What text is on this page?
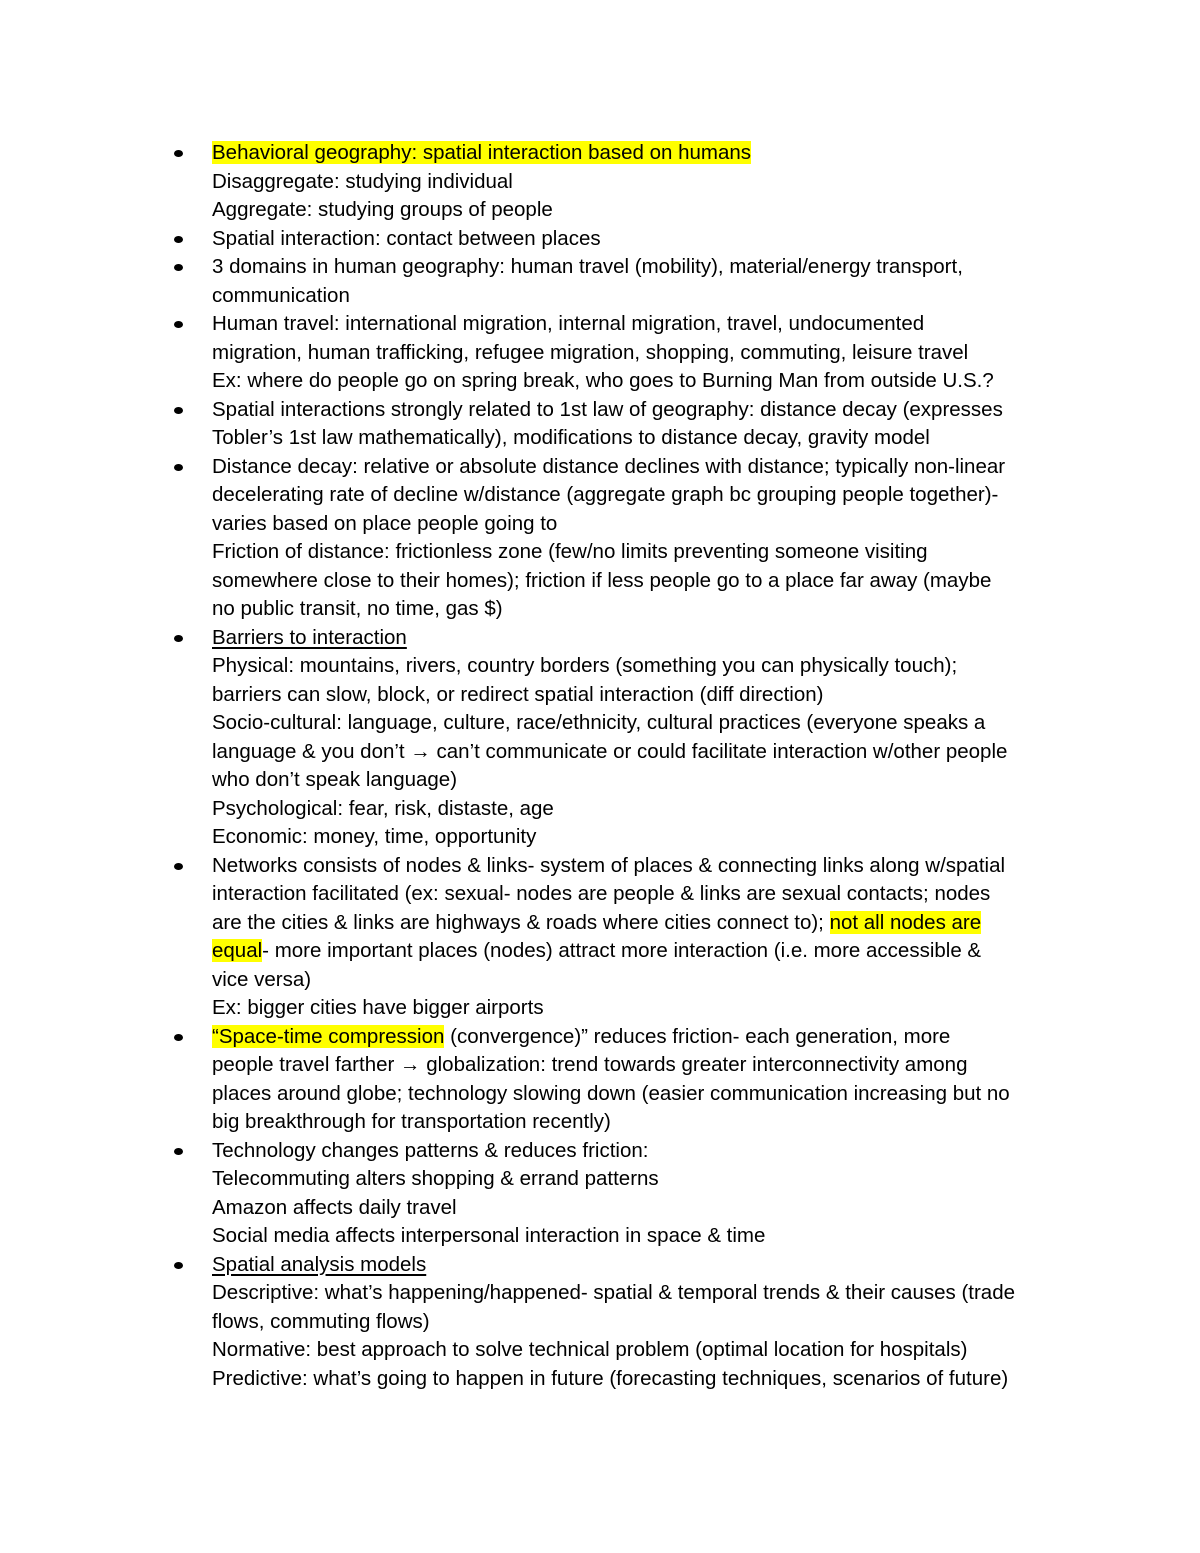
Behavioral geography: spatial interaction based on humans
Disaggregate: studying individual
Aggregate: studying groups of people
Spatial interaction: contact between places
3 domains in human geography: human travel (mobility), material/energy transport,
communication
Human travel: international migration, internal migration, travel, undocumented
migration, human trafficking, refugee migration, shopping, commuting, leisure travel
Ex: where do people go on spring break, who goes to Burning Man from outside U.S.?
Spatial interactions strongly related to 1st law of geography: distance decay (expresses
Tobler’s 1st law mathematically), modifications to distance decay, gravity model
Distance decay: relative or absolute distance declines with distance; typically non-linear
decelerating rate of decline w/distance (aggregate graph bc grouping people together)-
varies based on place people going to
Friction of distance: frictionless zone (few/no limits preventing someone visiting
somewhere close to their homes); friction if less people go to a place far away (maybe
no public transit, no time, gas $)
Barriers to interaction
Physical: mountains, rivers, country borders (something you can physically touch);
barriers can slow, block, or redirect spatial interaction (diff direction)
Socio-cultural: language, culture, race/ethnicity, cultural practices (everyone speaks a
language & you don’t → can’t communicate or could facilitate interaction w/other people
who don’t speak language)
Psychological: fear, risk, distaste, age
Economic: money, time, opportunity
Networks consists of nodes & links- system of places & connecting links along w/spatial
interaction facilitated (ex: sexual- nodes are people & links are sexual contacts; nodes
are the cities & links are highways & roads where cities connect to); not all nodes are
equal- more important places (nodes) attract more interaction (i.e. more accessible &
vice versa)
Ex: bigger cities have bigger airports
“Space-time compression (convergence)” reduces friction- each generation, more
people travel farther → globalization: trend towards greater interconnectivity among
places around globe; technology slowing down (easier communication increasing but no
big breakthrough for transportation recently)
Technology changes patterns & reduces friction:
Telecommuting alters shopping & errand patterns
Amazon affects daily travel
Social media affects interpersonal interaction in space & time
Spatial analysis models
Descriptive: what’s happening/happened- spatial & temporal trends & their causes (trade
flows, commuting flows)
Normative: best approach to solve technical problem (optimal location for hospitals)
Predictive: what’s going to happen in future (forecasting techniques, scenarios of future)
